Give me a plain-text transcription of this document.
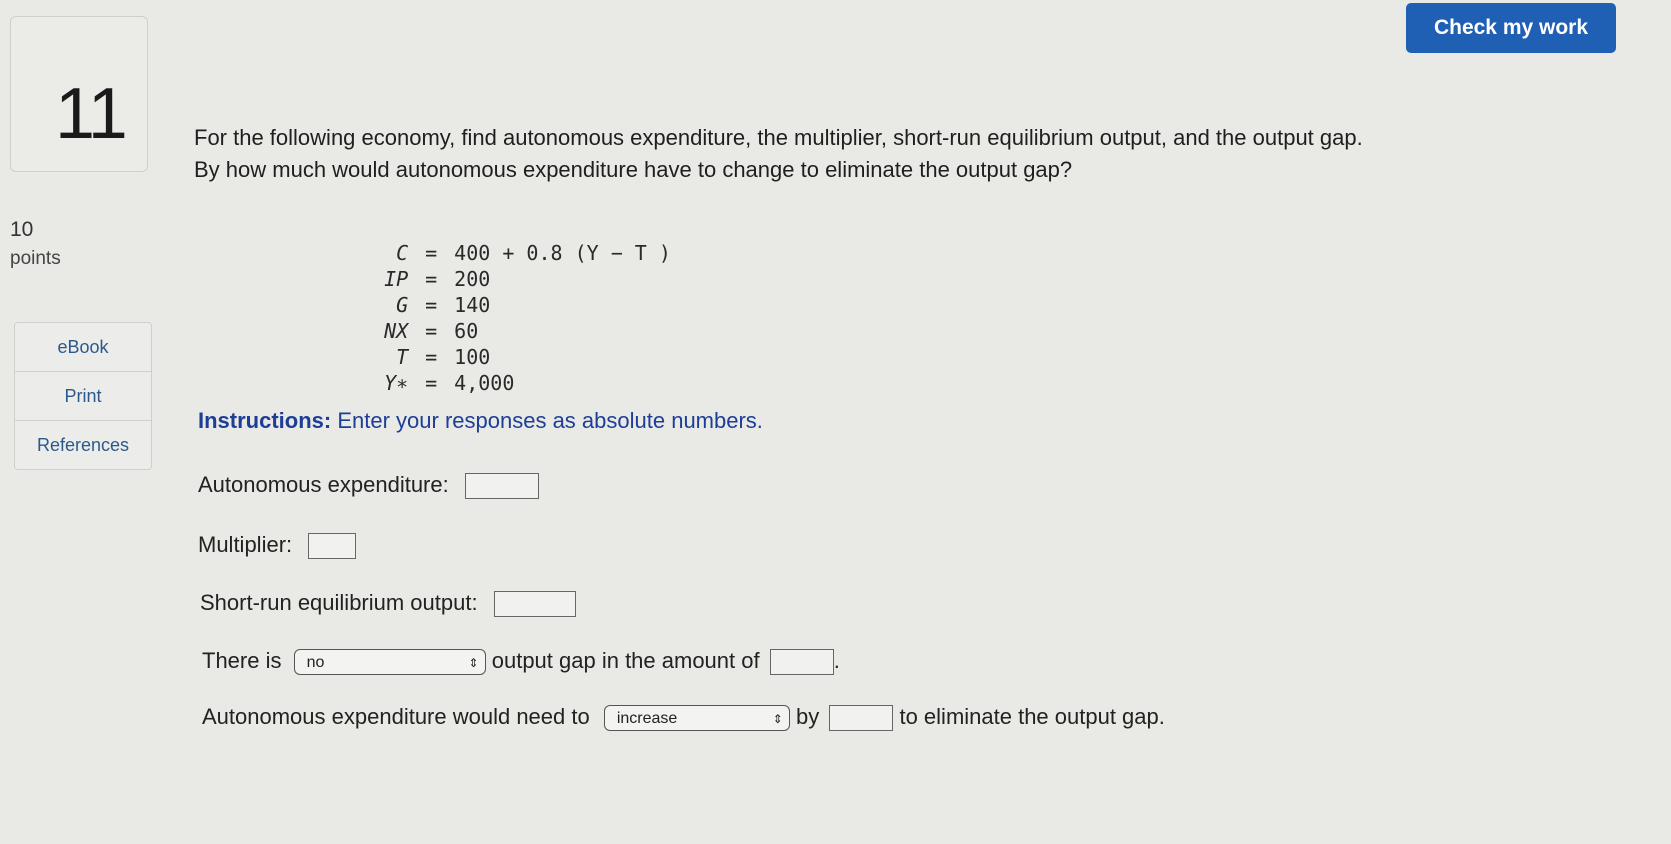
11
10
points
eBook
Print
References
Check my work
For the following economy, find autonomous expenditure, the multiplier, short-run equilibrium output, and the output gap.
By how much would autonomous expenditure have to change to eliminate the output gap?

C = 400 + 0.8 (Y − T )

IP = 200

G = 140

NX = 60

T = 100

Y∗ = 4,000

Instructions: Enter your responses as absolute numbers.
Autonomous expenditure:
Multiplier:
Short-run equilibrium output:
There is no	⇕ output gap in the amount of	.
Autonomous expenditure would need to increase	⇕ by	to eliminate the output gap.
